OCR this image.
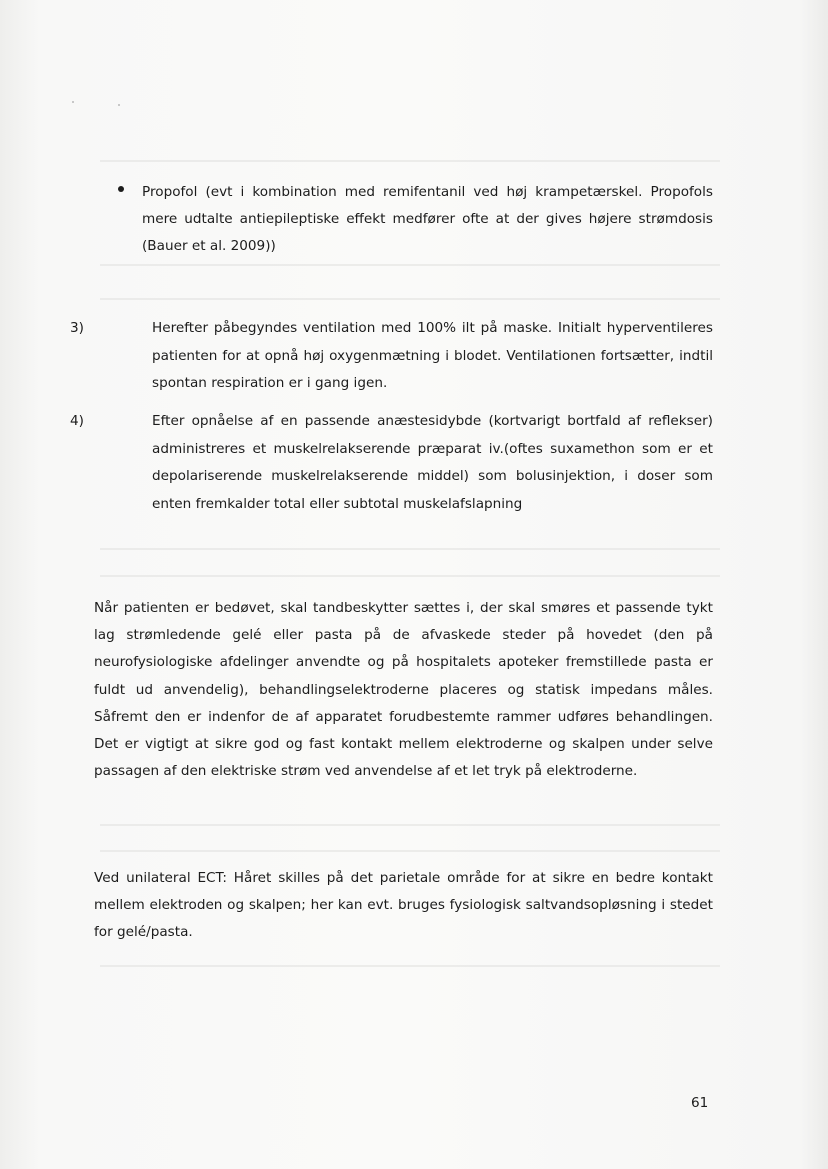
Propofol (evt i kombination med remifentanil ved høj krampetærskel. Propofols mere udtalte antiepileptiske effekt medfører ofte at der gives højere strømdosis (Bauer et al. 2009))
3)	Herefter påbegyndes ventilation med 100% ilt på maske. Initialt hyperventileres patienten for at opnå høj oxygenmætning i blodet. Ventilationen fortsætter, indtil spontan respiration er i gang igen.
4)	Efter opnåelse af en passende anæstesidybde (kortvarigt bortfald af reflekser) administreres et muskelrelakserende præparat iv.(oftes suxamethon som er et depolariserende muskelrelakserende middel) som bolusinjektion, i doser som enten fremkalder total eller subtotal muskelafslapning
Når patienten er bedøvet, skal tandbeskytter sættes i, der skal smøres et passende tykt lag strømledende gelé eller pasta på de afvaskede steder på hovedet (den på neurofysiologiske afdelinger anvendte og på hospitalets apoteker fremstillede pasta er fuldt ud anvendelig), behandlingselektroderne placeres og statisk impedans måles. Såfremt den er indenfor de af apparatet forudbestemte rammer udføres behandlingen. Det er vigtigt at sikre god og fast kontakt mellem elektroderne og skalpen under selve passagen af den elektriske strøm ved anvendelse af et let tryk på elektroderne.
Ved unilateral ECT: Håret skilles på det parietale område for at sikre en bedre kontakt mellem elektroden og skalpen; her kan evt. bruges fysiologisk saltvandsopløsning i stedet for gelé/pasta.
61
